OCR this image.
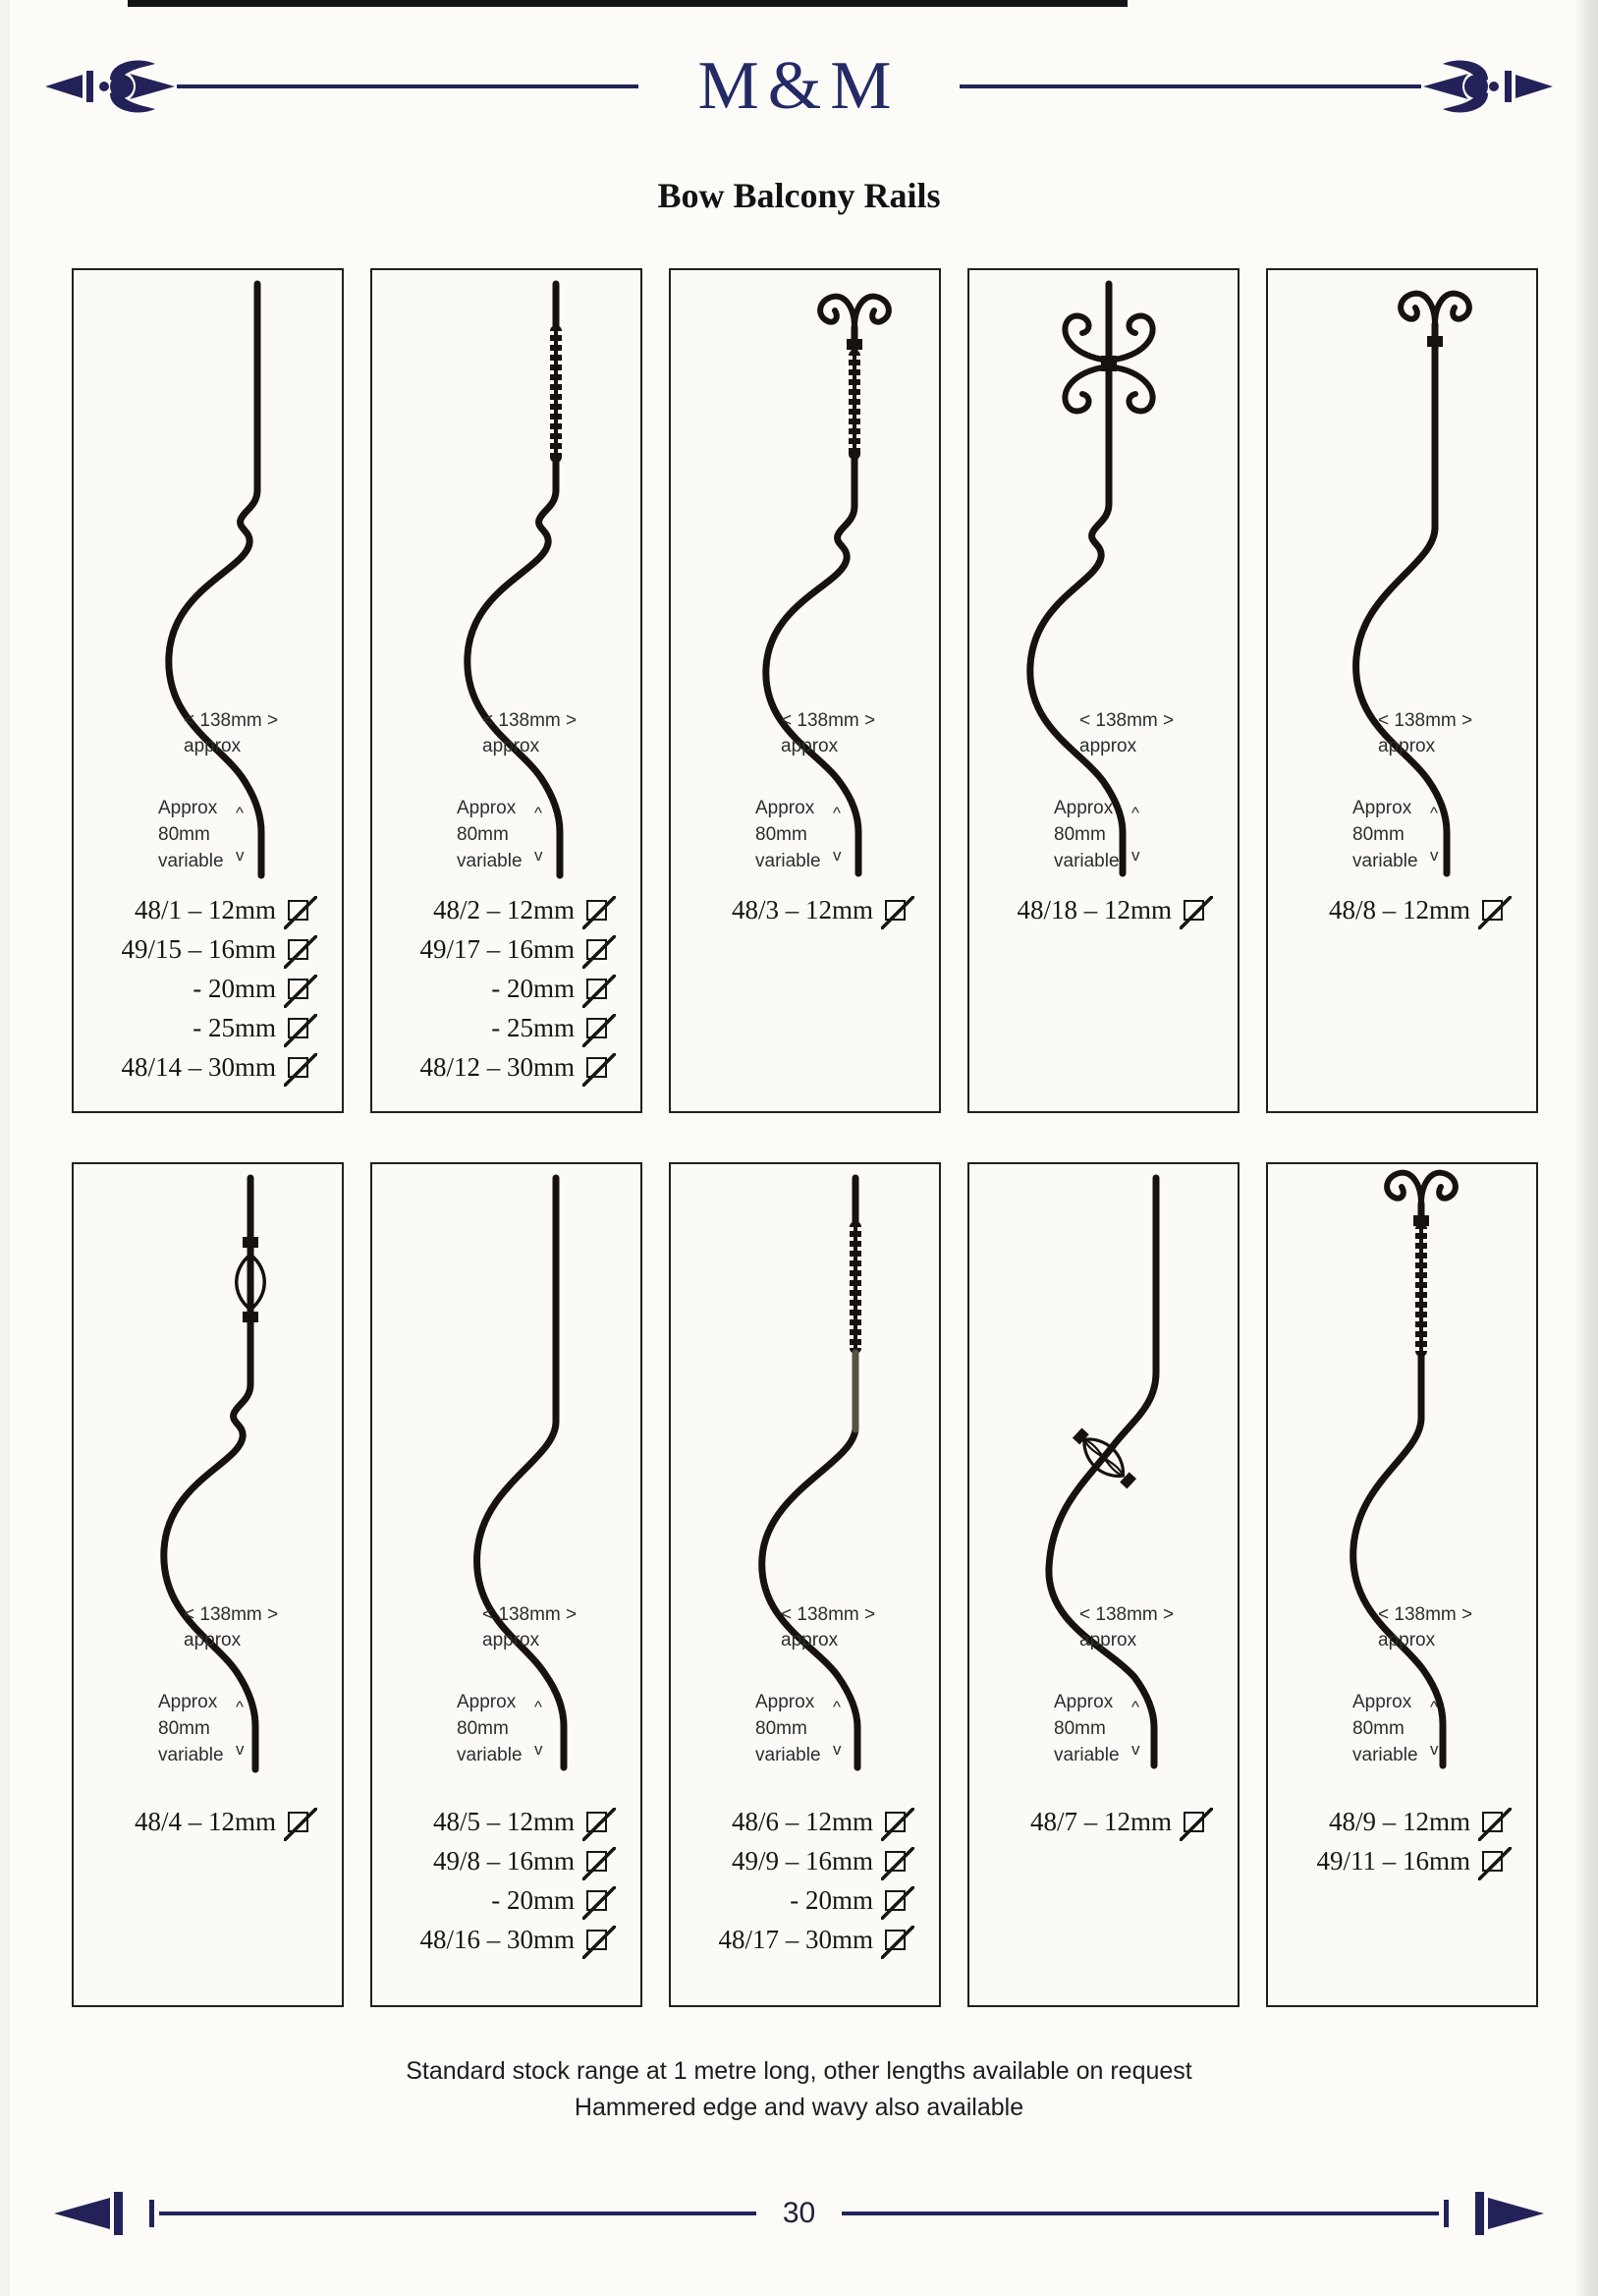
M&M
Bow Balcony Rails
< 138mm >
approx
Approx
80mm
variable
^
v
48/1 – 12mm
49/15 – 16mm
- 20mm
- 25mm
48/14 – 30mm
< 138mm >
approx
Approx
80mm
variable
^
v
48/2 – 12mm
49/17 – 16mm
- 20mm
- 25mm
48/12 – 30mm
< 138mm >
approx
Approx
80mm
variable
^
v
48/3 – 12mm
< 138mm >
approx
Approx
80mm
variable
^
v
48/18 – 12mm
< 138mm >
approx
Approx
80mm
variable
^
v
48/8 – 12mm
< 138mm >
approx
Approx
80mm
variable
^
v
48/4 – 12mm
< 138mm >
approx
Approx
80mm
variable
^
v
48/5 – 12mm
49/8 – 16mm
- 20mm
48/16 – 30mm
< 138mm >
approx
Approx
80mm
variable
^
v
48/6 – 12mm
49/9 – 16mm
- 20mm
48/17 – 30mm
< 138mm >
approx
Approx
80mm
variable
^
v
48/7 – 12mm
< 138mm >
approx
Approx
80mm
variable
^
v
48/9 – 12mm
49/11 – 16mm
Standard stock range at 1 metre long, other lengths available on request
Hammered edge and wavy also available
30
